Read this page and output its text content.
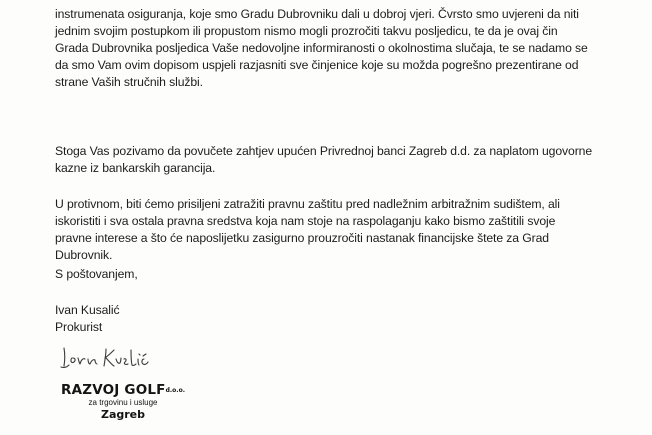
instrumenata osiguranja, koje smo Gradu Dubrovniku dali u dobroj vjeri. Čvrsto smo uvjereni da niti
jednim svojim postupkom ili propustom nismo mogli prozročiti takvu posljedicu, te da je ovaj čin
Grada Dubrovnika posljedica Vaše nedovoljne informiranosti o okolnostima slučaja, te se nadamo se
da smo Vam ovim dopisom uspjeli razjasniti sve činjenice koje su možda pogrešno prezentirane od
strane Vaših stručnih službi.

Stoga Vas pozivamo da povučete zahtjev upućen Privrednoj banci Zagreb d.d. za naplatom ugovorne
kazne iz bankarskih garancija.

U protivnom, biti ćemo prisiljeni zatražiti pravnu zaštitu pred nadležnim arbitražnim sudištem, ali
iskoristiti i sva ostala pravna sredstva koja nam stoje na raspolaganju kako bismo zaštitili svoje
pravne interese a što će naposlijetku zasigurno prouzročiti nastanak financijske štete za Grad
Dubrovnik.

S poštovanjem,

Ivan Kusalić

Prokurist

RAZVOJ $GOLF^{d.o.o.}$
za trgovinu i usluge
Zagreb
